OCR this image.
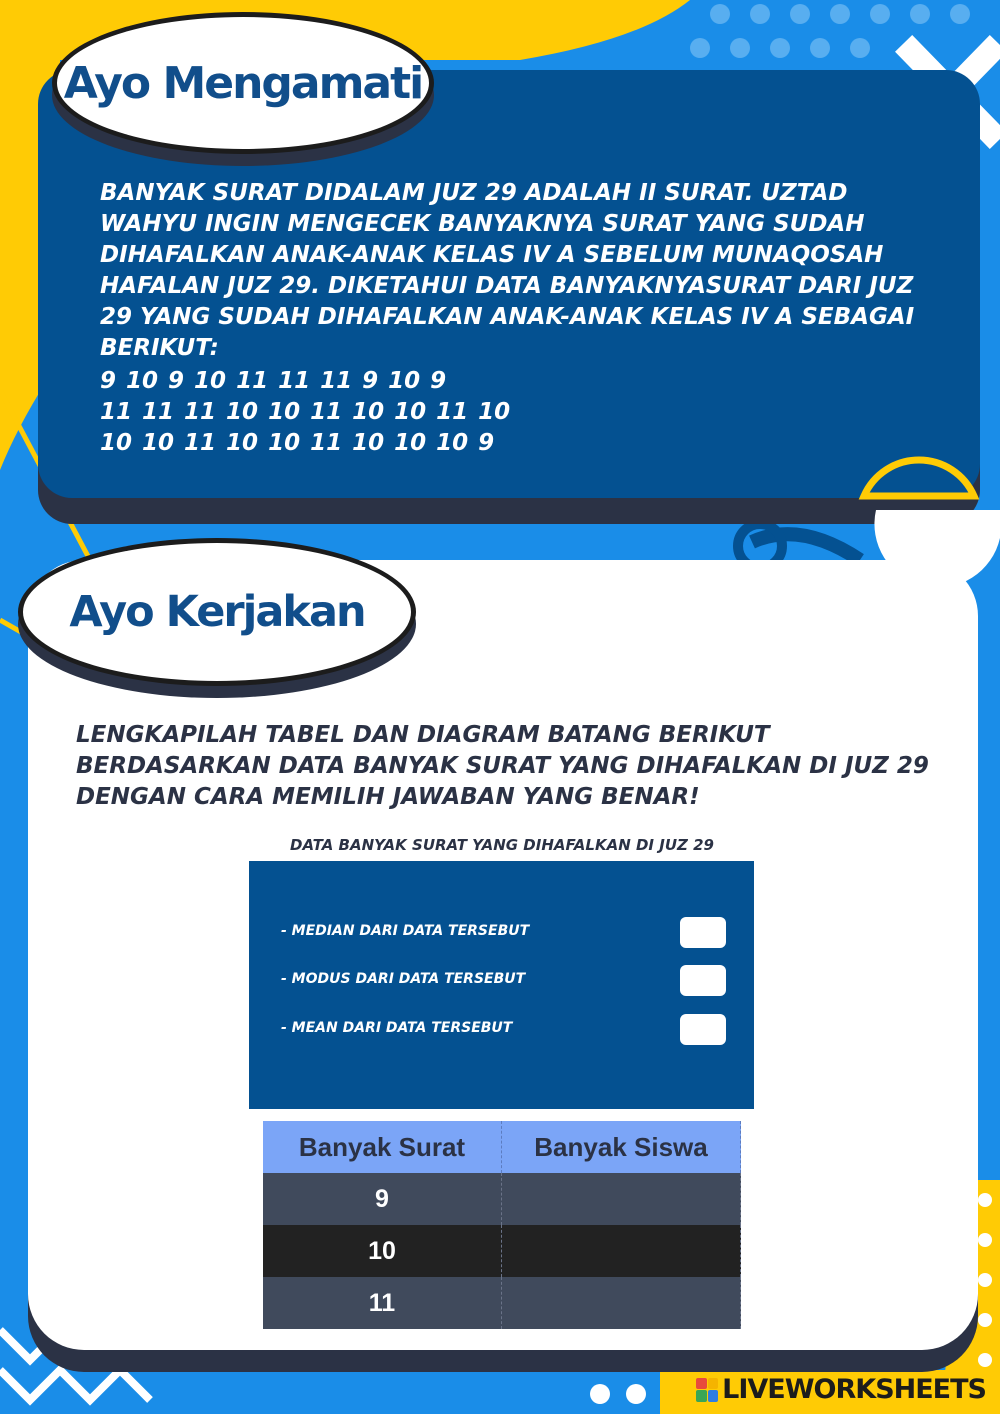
Ayo Mengamati
BANYAK SURAT DIDALAM JUZ 29 ADALAH II SURAT. UZTAD WAHYU INGIN MENGECEK BANYAKNYA SURAT YANG SUDAH DIHAFALKAN ANAK-ANAK KELAS IV A SEBELUM MUNAQOSAH HAFALAN JUZ 29. DIKETAHUI DATA BANYAKNYASURAT DARI JUZ 29 YANG SUDAH DIHAFALKAN ANAK-ANAK KELAS IV A SEBAGAI BERIKUT:
9 10 9 10 11 11 11 9 10 9
11 11 11 10 10 11 10 10 11 10
10 10 11 10 10 11 10 10 10 9
Ayo Kerjakan
LENGKAPILAH TABEL DAN DIAGRAM BATANG BERIKUT BERDASARKAN DATA BANYAK SURAT YANG DIHAFALKAN DI JUZ 29 DENGAN CARA MEMILIH JAWABAN YANG BENAR!
DATA BANYAK SURAT YANG DIHAFALKAN DI JUZ 29
- MEDIAN DARI DATA TERSEBUT
- MODUS DARI DATA TERSEBUT
- MEAN DARI DATA TERSEBUT
Banyak Surat	Banyak Siswa
9	
10	
11	
LIVEWORKSHEETS
